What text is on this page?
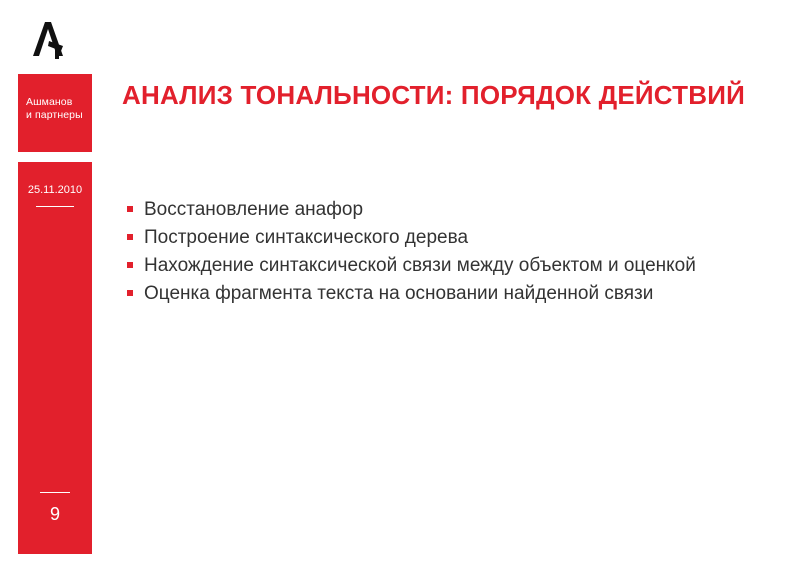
Ашманов
и партнеры
25.11.2010
9
АНАЛИЗ ТОНАЛЬНОСТИ: ПОРЯДОК ДЕЙСТВИЙ
Восстановление анафор
Построение синтаксического дерева
Нахождение синтаксической связи между объектом и оценкой
Оценка фрагмента текста на основании найденной связи
